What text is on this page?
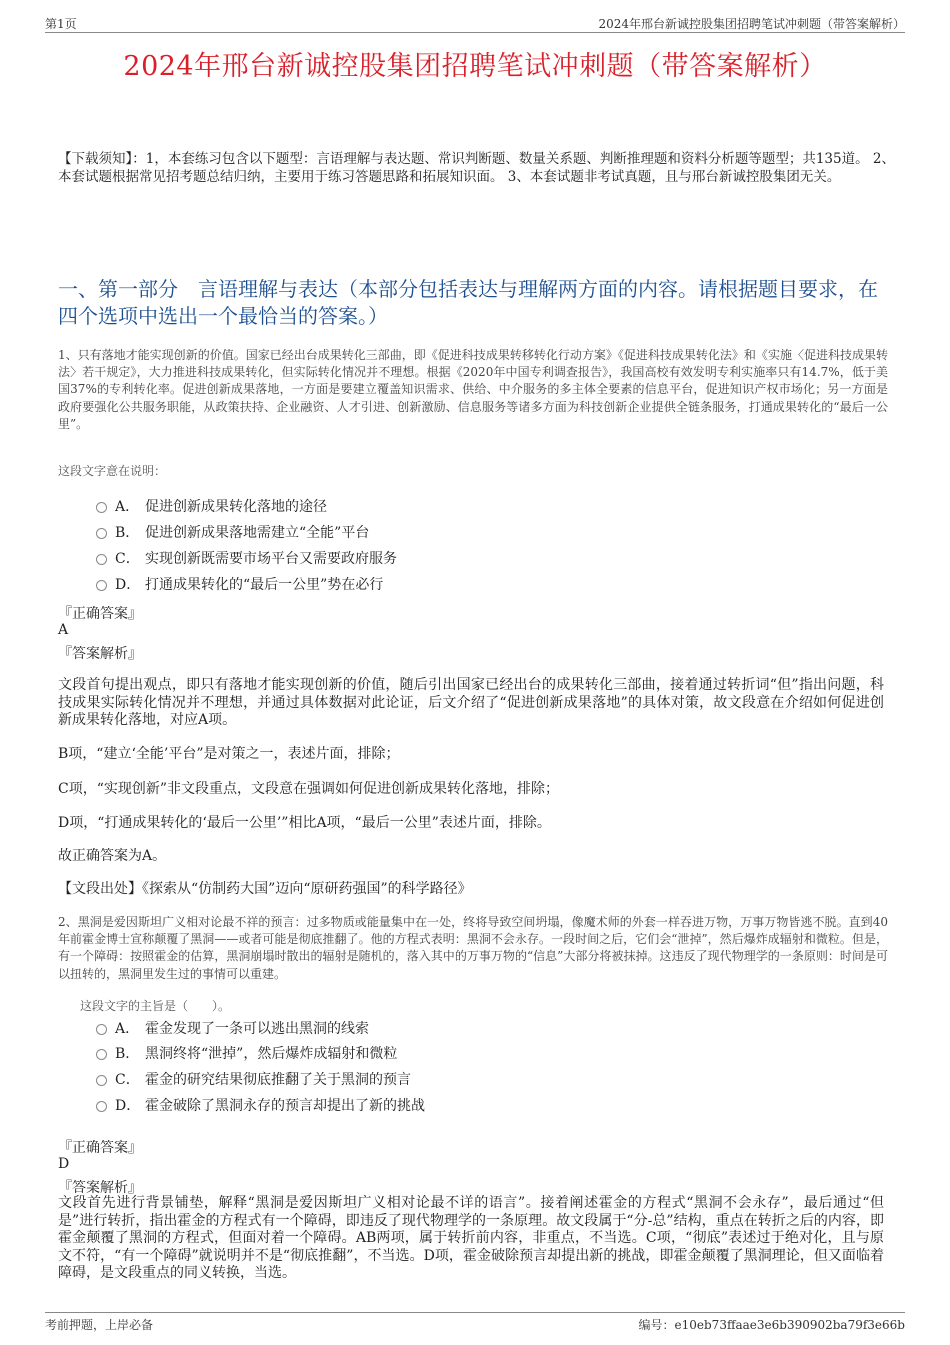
第1页	2024年邢台新诚控股集团招聘笔试冲刺题（带答案解析）
2024年邢台新诚控股集团招聘笔试冲刺题（带答案解析）
【下载须知】：1，本套练习包含以下题型：言语理解与表达题、常识判断题、数量关系题、判断推理题和资料分析题等题型；共135道。 2、本套试题根据常见招考题总结归纳，主要用于练习答题思路和拓展知识面。 3、本套试题非考试真题，且与邢台新诚控股集团无关。
一、第一部分　言语理解与表达（本部分包括表达与理解两方面的内容。请根据题目要求，在四个选项中选出一个最恰当的答案。）
1、只有落地才能实现创新的价值。国家已经出台成果转化三部曲，即《促进科技成果转移转化行动方案》《促进科技成果转化法》和《实施〈促进科技成果转法〉若干规定》，大力推进科技成果转化，但实际转化情况并不理想。根据《2020年中国专利调查报告》，我国高校有效发明专利实施率只有14.7%，低于美国37%的专利转化率。促进创新成果落地，一方面是要建立覆盖知识需求、供给、中介服务的多主体全要素的信息平台，促进知识产权市场化；另一方面是政府要强化公共服务职能，从政策扶持、企业融资、人才引进、创新激励、信息服务等诸多方面为科技创新企业提供全链条服务，打通成果转化的“最后一公里”。
这段文字意在说明：
A． 促进创新成果转化落地的途径
B． 促进创新成果落地需建立“全能”平台
C． 实现创新既需要市场平台又需要政府服务
D． 打通成果转化的“最后一公里”势在必行
『正确答案』
A
『答案解析』
文段首句提出观点，即只有落地才能实现创新的价值，随后引出国家已经出台的成果转化三部曲，接着通过转折词“但”指出问题，科技成果实际转化情况并不理想，并通过具体数据对此论证，后文介绍了“促进创新成果落地”的具体对策，故文段意在介绍如何促进创新成果转化落地，对应A项。
B项，“建立‘全能’平台”是对策之一，表述片面，排除；
C项，“实现创新”非文段重点，文段意在强调如何促进创新成果转化落地，排除；
D项，“打通成果转化的‘最后一公里’”相比A项，“最后一公里”表述片面，排除。
故正确答案为A。
【文段出处】《探索从“仿制药大国”迈向“原研药强国”的科学路径》
2、黑洞是爱因斯坦广义相对论最不祥的预言：过多物质或能量集中在一处，终将导致空间坍塌，像魔术师的外套一样吞进万物，万事万物皆逃不脱。直到40年前霍金博士宣称颠覆了黑洞——或者可能是彻底推翻了。他的方程式表明：黑洞不会永存。一段时间之后，它们会“泄掉”，然后爆炸成辐射和微粒。但是，有一个障碍：按照霍金的估算，黑洞崩塌时散出的辐射是随机的，落入其中的万事万物的“信息”大部分将被抹掉。这违反了现代物理学的一条原则：时间是可以扭转的，黑洞里发生过的事情可以重建。
这段文字的主旨是（　　）。
A． 霍金发现了一条可以逃出黑洞的线索
B． 黑洞终将“泄掉”，然后爆炸成辐射和微粒
C． 霍金的研究结果彻底推翻了关于黑洞的预言
D． 霍金破除了黑洞永存的预言却提出了新的挑战
『正确答案』
D
『答案解析』
文段首先进行背景铺垫，解释“黑洞是爱因斯坦广义相对论最不详的语言”。接着阐述霍金的方程式“黑洞不会永存”，最后通过“但是”进行转折，指出霍金的方程式有一个障碍，即违反了现代物理学的一条原理。故文段属于“分-总”结构，重点在转折之后的内容，即霍金颠覆了黑洞的方程式，但面对着一个障碍。AB两项，属于转折前内容，非重点，不当选。C项，“彻底”表述过于绝对化，且与原文不符，“有一个障碍”就说明并不是“彻底推翻”，不当选。D项，霍金破除预言却提出新的挑战，即霍金颠覆了黑洞理论，但又面临着障碍，是文段重点的同义转换，当选。
考前押题，上岸必备	编号：e10eb73ffaae3e6b390902ba79f3e66b
